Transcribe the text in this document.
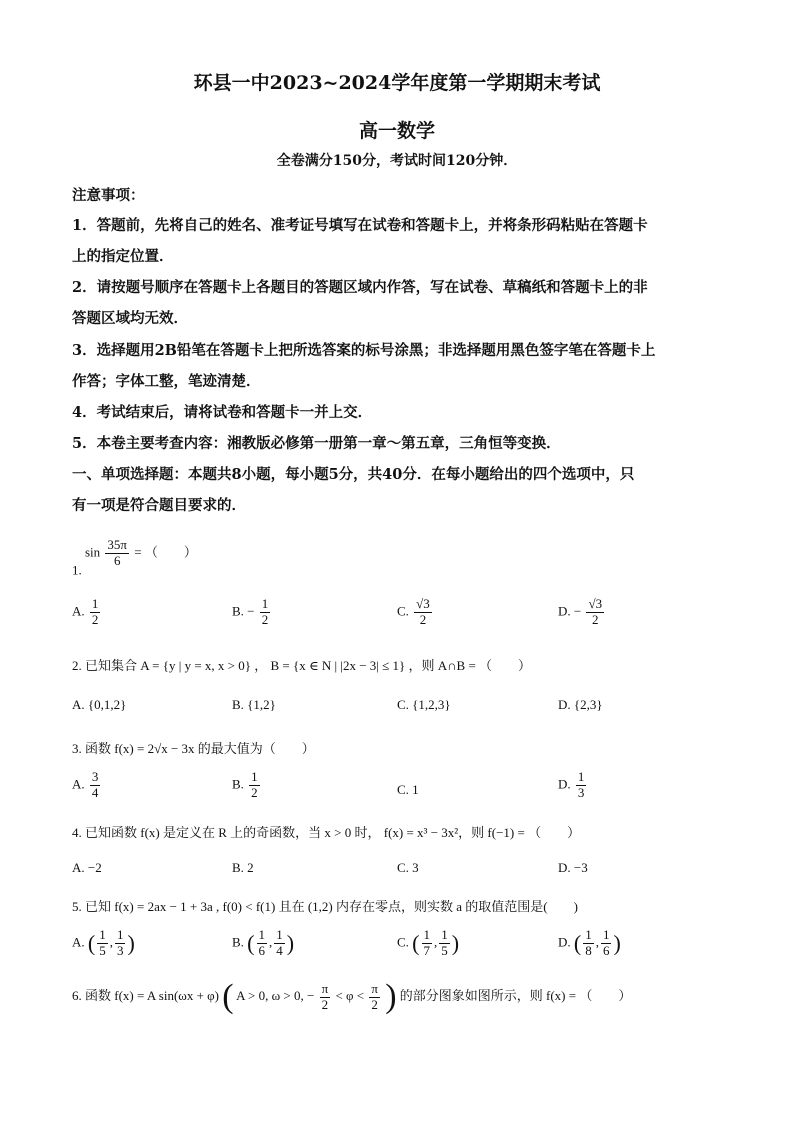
环县一中2023~2024学年度第一学期期末考试
高一数学
全卷满分150分，考试时间120分钟．
注意事项：
1．答题前，先将自己的姓名、准考证号填写在试卷和答题卡上，并将条形码粘贴在答题卡
上的指定位置．
2．请按题号顺序在答题卡上各题目的答题区域内作答，写在试卷、草稿纸和答题卡上的非
答题区域均无效．
3．选择题用2B铅笔在答题卡上把所选答案的标号涂黑；非选择题用黑色签字笔在答题卡上
作答；字体工整，笔迹清楚．
4．考试结束后，请将试卷和答题卡一并上交．
5．本卷主要考查内容：湘教版必修第一册第一章～第五章，三角恒等变换．
一、单项选择题：本题共8小题，每小题5分，共40分．在每小题给出的四个选项中，只
有一项是符合题目要求的．
1. $\sin \frac{35\pi}{6}$ = （　　）
A. $\frac{1}{2}$	B. − $\frac{1}{2}$	C. $\frac{√3}{2}$	D. − $\frac{√3}{2}$
2. 已知集合 A = {y | y = x, x > 0} ， B = {x ∈ N | |2x − 3| ≤ 1} ，则 A∩B = （　　）
A. {0,1,2}	B. {1,2}	C. {1,2,3}	D. {2,3}
3. 函数 f(x) = 2√x − 3x 的最大值为（　　）
A. $\frac{3}{4}$	B. $\frac{1}{2}$	C. 1	D. $\frac{1}{3}$
4. 已知函数 f(x) 是定义在 R 上的奇函数，当 x > 0 时， f(x) = x³ − 3x²，则 f(−1) = （　　）
A. −2	B. 2	C. 3	D. −3
5. 已知 f(x) = 2ax − 1 + 3a , f(0) < f(1) 且在 (1,2) 内存在零点，则实数 a 的取值范围是(　　)
A. ( $\frac{1}{5}$ , $\frac{1}{3}$ )	B. ( $\frac{1}{6}$ , $\frac{1}{4}$ )	C. ( $\frac{1}{7}$ , $\frac{1}{5}$ )	D. ( $\frac{1}{8}$ , $\frac{1}{6}$ )
6. 函数 f(x) = A sin(ωx + φ) ( A > 0, ω > 0, − $\frac{\pi}{2} < \varphi < \frac{\pi}{2}$ ) 的部分图象如图所示，则 f(x) = （　　）
